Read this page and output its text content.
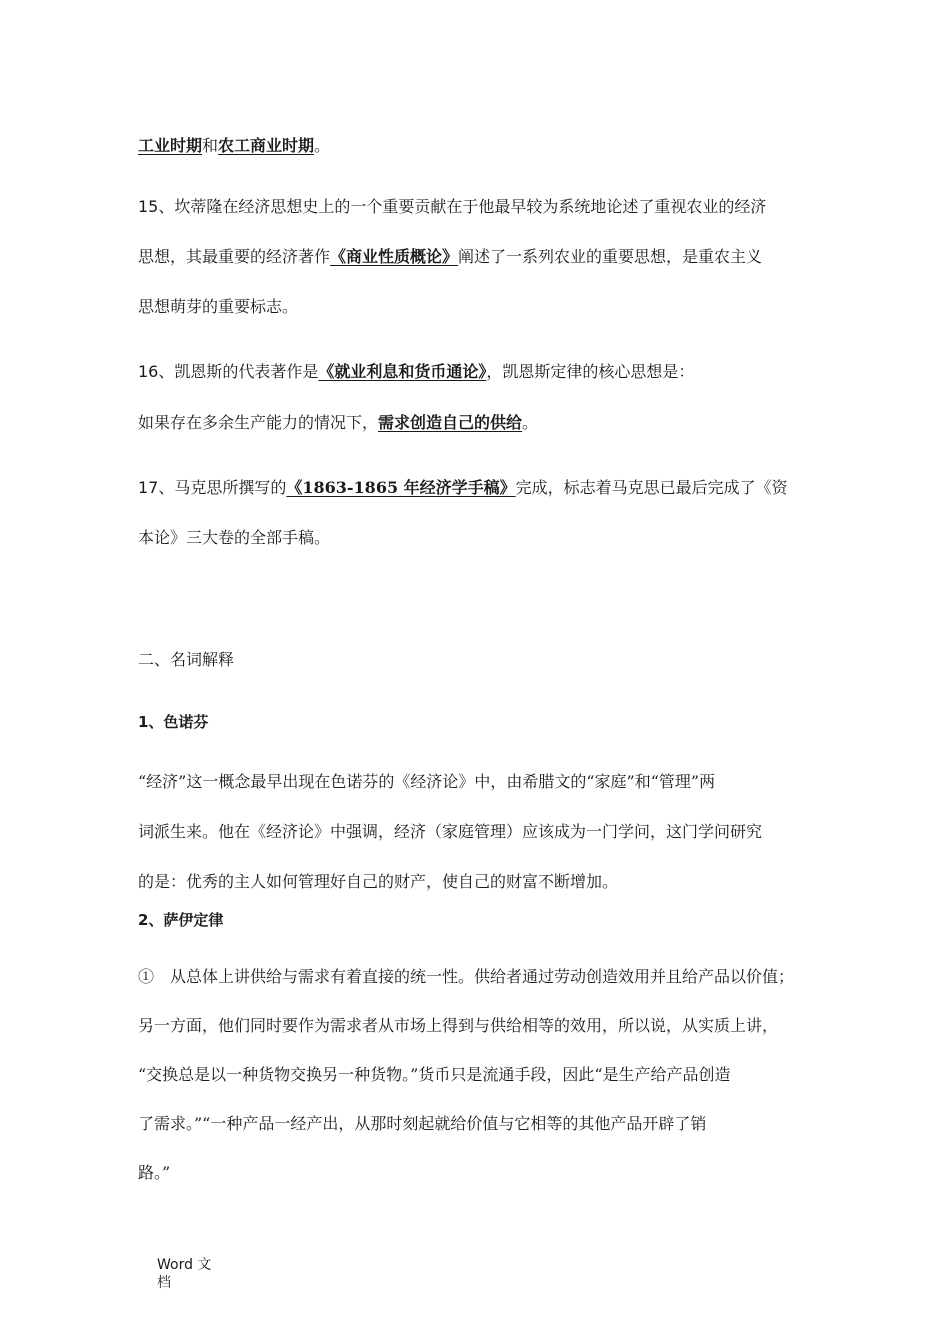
工业时期和农工商业时期。
15、坎蒂隆在经济思想史上的一个重要贡献在于他最早较为系统地论述了重视农业的经济
思想，其最重要的经济著作《商业性质概论》阐述了一系列农业的重要思想，是重农主义
思想萌芽的重要标志。
16、凯恩斯的代表著作是《就业利息和货币通论》，凯恩斯定律的核心思想是：
如果存在多余生产能力的情况下，需求创造自己的供给。
17、马克思所撰写的《1863-1865 年经济学手稿》完成，标志着马克思已最后完成了《资
本论》三大卷的全部手稿。
二、名词解释
1、色诺芬
“经济”这一概念最早出现在色诺芬的《经济论》中，由希腊文的“家庭”和“管理”两
词派生来。他在《经济论》中强调，经济（家庭管理）应该成为一门学问，这门学问研究
的是：优秀的主人如何管理好自己的财产，使自己的财富不断增加。
2、萨伊定律
①　从总体上讲供给与需求有着直接的统一性。供给者通过劳动创造效用并且给产品以价值；
另一方面，他们同时要作为需求者从市场上得到与供给相等的效用，所以说，从实质上讲，
“交换总是以一种货物交换另一种货物。”货币只是流通手段，因此“是生产给产品创造
了需求。”“一种产品一经产出，从那时刻起就给价值与它相等的其他产品开辟了销
路。”
Word 文
档
